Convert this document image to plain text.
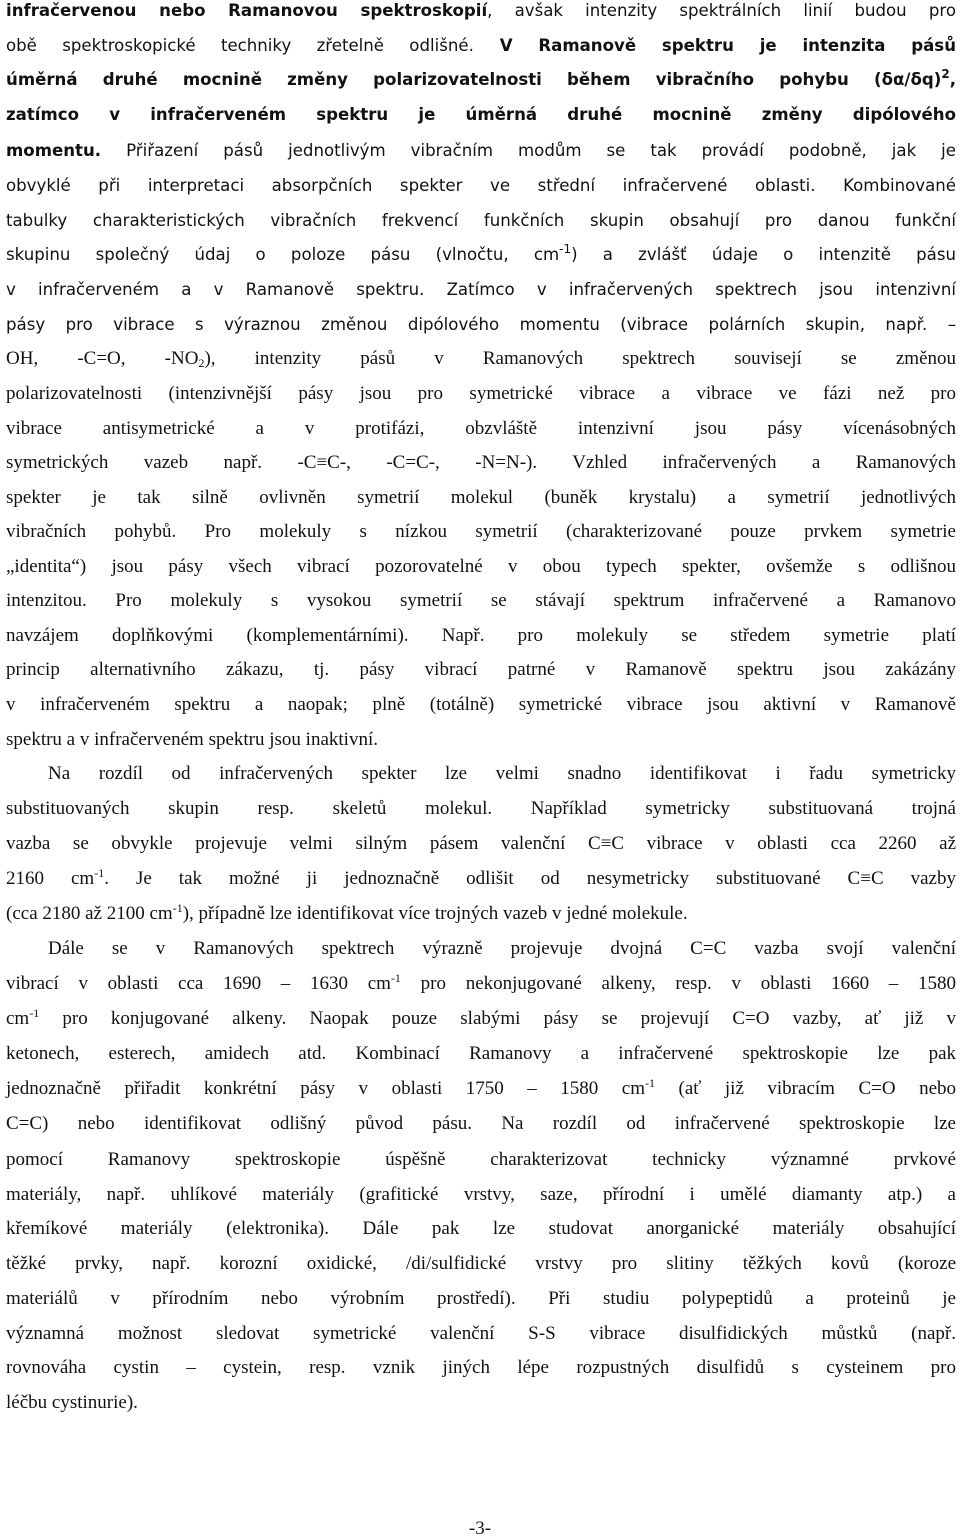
infračervenou nebo Ramanovou spektroskopií, avšak intenzity spektrálních linií budou pro
obě spektroskopické techniky zřetelně odlišné. V Ramanově spektru je intenzita pásů
úměrná druhé mocnině změny polarizovatelnosti během vibračního pohybu $(\delta\alpha/\delta q)^2$,
zatímco v infračerveném spektru je úměrná druhé mocnině změny dipólového
momentu. Přiřazení pásů jednotlivým vibračním modům se tak provádí podobně, jak je
obvyklé při interpretaci absorpčních spekter ve střední infračervené oblasti. Kombinované
tabulky charakteristických vibračních frekvencí funkčních skupin obsahují pro danou funkční
skupinu společný údaj o poloze pásu (vlnočtu, $cm^{-1}$) a zvlášť údaje o intenzitě pásu
v infračerveném a v Ramanově spektru. Zatímco v infračervených spektrech jsou intenzivní
pásy pro vibrace s výraznou změnou dipólového momentu (vibrace polárních skupin, např. –
OH, -C=O, $-NO_2$), intenzity pásů v Ramanových spektrech souvisejí se změnou
polarizovatelnosti (intenzivnější pásy jsou pro symetrické vibrace a vibrace ve fázi než pro
vibrace antisymetrické a v protifázi, obzvláště intenzivní jsou pásy vícenásobných
symetrických vazeb např. -C≡C-, -C=C-, -N=N-). Vzhled infračervených a Ramanových
spekter je tak silně ovlivněn symetrií molekul (buněk krystalu) a symetrií jednotlivých
vibračních pohybů. Pro molekuly s nízkou symetrií (charakterizované pouze prvkem symetrie
„identita“) jsou pásy všech vibrací pozorovatelné v obou typech spekter, ovšemže s odlišnou
intenzitou. Pro molekuly s vysokou symetrií se stávají spektrum infračervené a Ramanovo
navzájem doplňkovými (komplementárními). Např. pro molekuly se středem symetrie platí
princip alternativního zákazu, tj. pásy vibrací patrné v Ramanově spektru jsou zakázány
v infračerveném spektru a naopak; plně (totálně) symetrické vibrace jsou aktivní v Ramanově
spektru a v infračerveném spektru jsou inaktivní.
Na rozdíl od infračervených spekter lze velmi snadno identifikovat i řadu symetricky
substituovaných skupin resp. skeletů molekul. Například symetricky substituovaná trojná
vazba se obvykle projevuje velmi silným pásem valenční C≡C vibrace v oblasti cca 2260 až
2160 $cm^{-1}$. Je tak možné ji jednoznačně odlišit od nesymetricky substituované C≡C vazby
(cca 2180 až 2100 $cm^{-1}$), případně lze identifikovat více trojných vazeb v jedné molekule.
Dále se v Ramanových spektrech výrazně projevuje dvojná C=C vazba svojí valenční
vibrací v oblasti cca 1690 – 1630 $cm^{-1}$ pro nekonjugované alkeny, resp. v oblasti 1660 – 1580
$cm^{-1}$ pro konjugované alkeny. Naopak pouze slabými pásy se projevují C=O vazby, ať již v
ketonech, esterech, amidech atd. Kombinací Ramanovy a infračervené spektroskopie lze pak
jednoznačně přiřadit konkrétní pásy v oblasti 1750 – 1580 $cm^{-1}$ (ať již vibracím C=O nebo
C=C) nebo identifikovat odlišný původ pásu. Na rozdíl od infračervené spektroskopie lze
pomocí Ramanovy spektroskopie úspěšně charakterizovat technicky významné prvkové
materiály, např. uhlíkové materiály (grafitické vrstvy, saze, přírodní i umělé diamanty atp.) a
křemíkové materiály (elektronika). Dále pak lze studovat anorganické materiály obsahující
těžké prvky, např. korozní oxidické, /di/sulfidické vrstvy pro slitiny těžkých kovů (koroze
materiálů v přírodním nebo výrobním prostředí). Při studiu polypeptidů a proteinů je
významná možnost sledovat symetrické valenční S-S vibrace disulfidických můstků (např.
rovnováha cystin – cystein, resp. vznik jiných lépe rozpustných disulfidů s cysteinem pro
léčbu cystinurie).
-3-
